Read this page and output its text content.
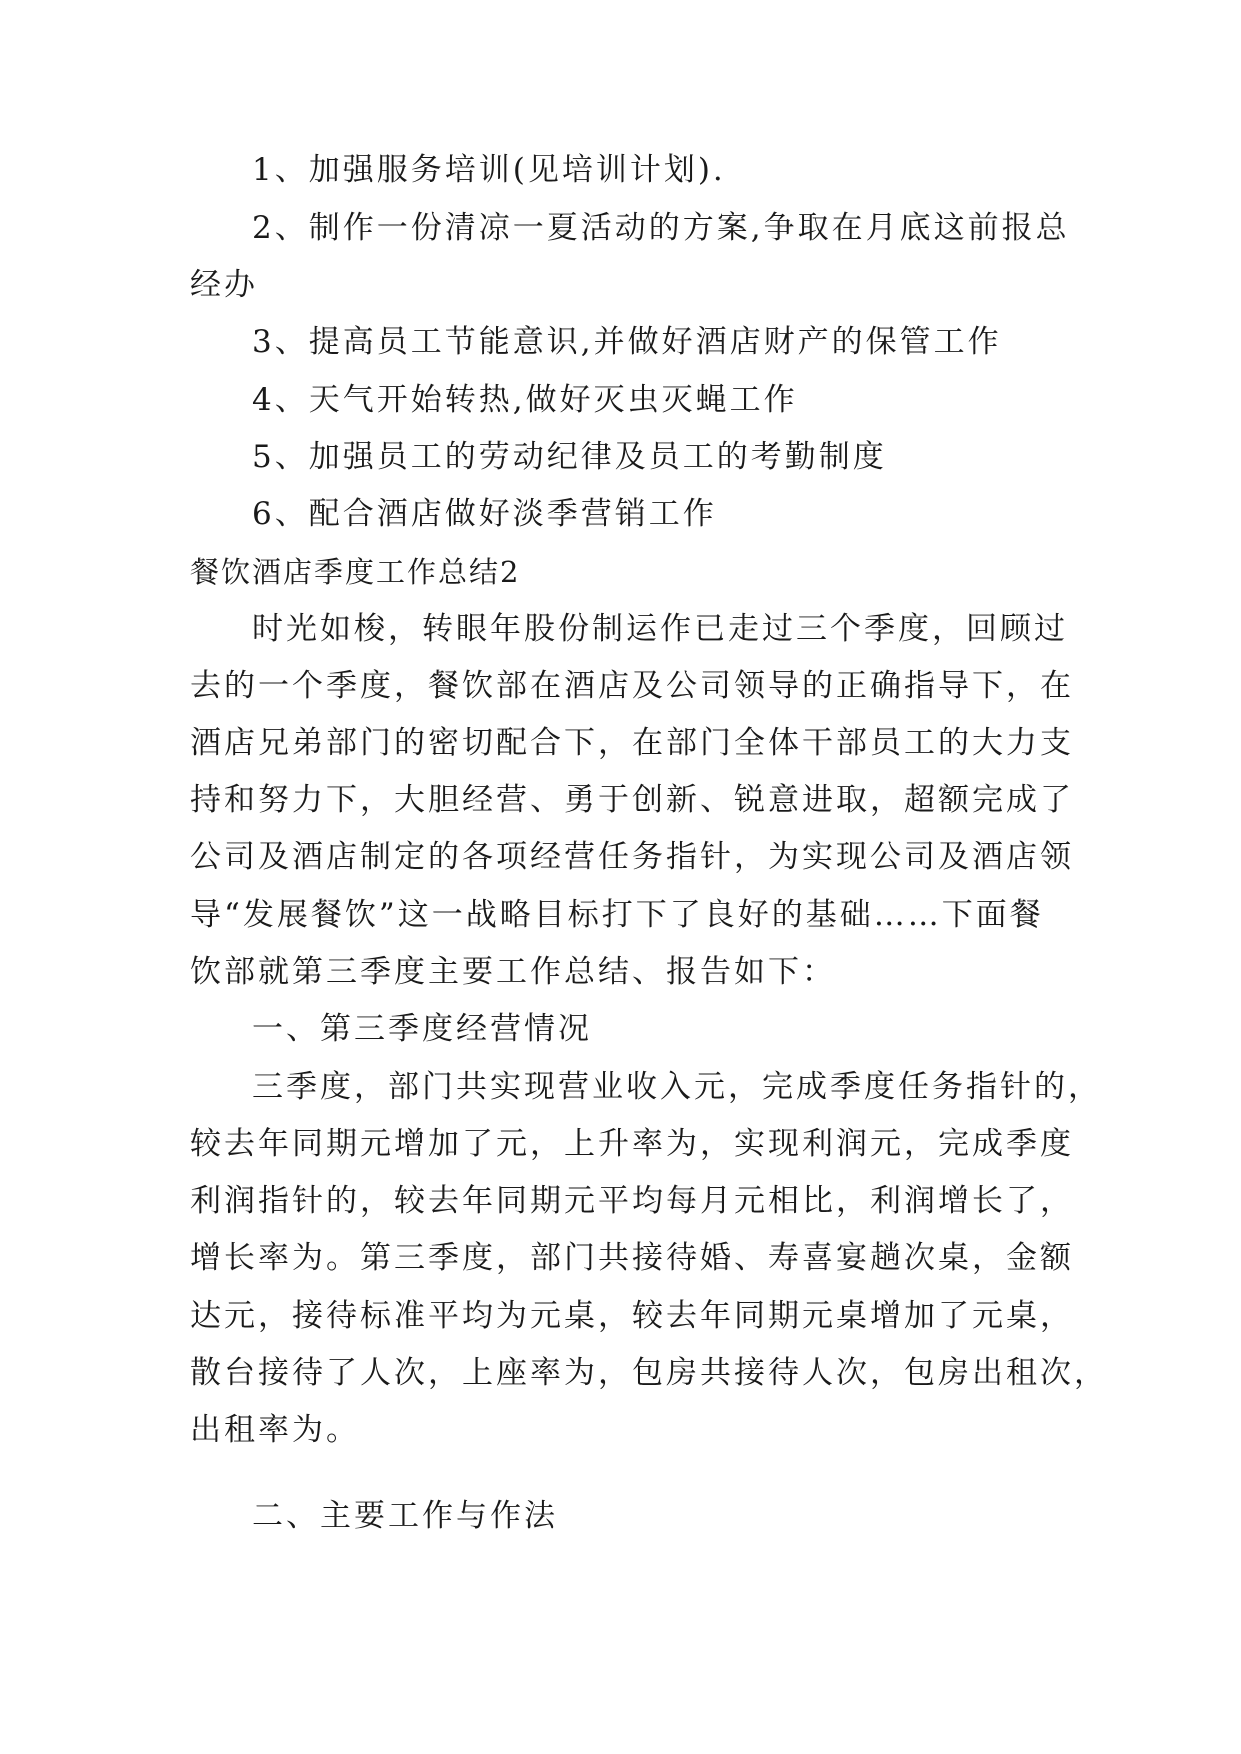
1、加强服务培训(见培训计划).
2、制作一份清凉一夏活动的方案,争取在月底这前报总
经办
3、提高员工节能意识,并做好酒店财产的保管工作
4、天气开始转热,做好灭虫灭蝇工作
5、加强员工的劳动纪律及员工的考勤制度
6、配合酒店做好淡季营销工作
餐饮酒店季度工作总结2
时光如梭，转眼年股份制运作已走过三个季度，回顾过
去的一个季度，餐饮部在酒店及公司领导的正确指导下，在
酒店兄弟部门的密切配合下，在部门全体干部员工的大力支
持和努力下，大胆经营、勇于创新、锐意进取，超额完成了
公司及酒店制定的各项经营任务指针，为实现公司及酒店领
导“发展餐饮”这一战略目标打下了良好的基础……下面餐
饮部就第三季度主要工作总结、报告如下：
一、第三季度经营情况
三季度，部门共实现营业收入元，完成季度任务指针的，
较去年同期元增加了元，上升率为，实现利润元，完成季度
利润指针的，较去年同期元平均每月元相比，利润增长了，
增长率为。第三季度，部门共接待婚、寿喜宴趟次桌，金额
达元，接待标准平均为元桌，较去年同期元桌增加了元桌，
散台接待了人次，上座率为，包房共接待人次，包房出租次，
出租率为。
二、主要工作与作法
